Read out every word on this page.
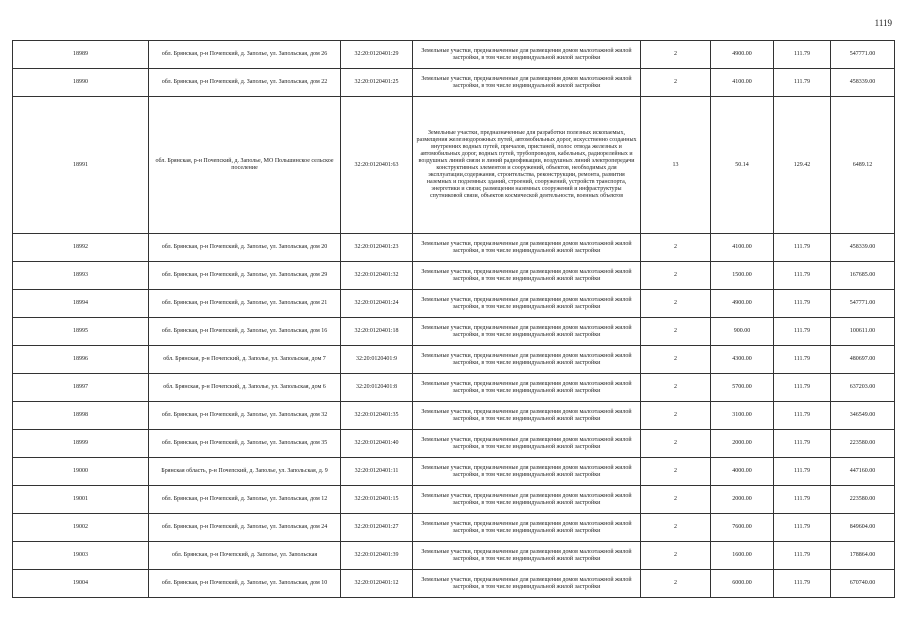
1119
18989	обл. Брянская, р-н Почепский, д. Заполье, ул. Запольская, дом 26	32:20:0120401:29	Земельные участки, предназначенные для размещения домов малоэтажной жилой застройки, в том числе индивидуальной жилой застройки	2	4900.00	111.79	547771.00
18990	обл. Брянская, р-н Почепский, д. Заполье, ул. Запольская, дом 22	32:20:0120401:25	Земельные участки, предназначенные для размещения домов малоэтажной жилой застройки, в том числе индивидуальной жилой застройки	2	4100.00	111.79	458339.00
18991	обл. Брянская, р-н Почепский, д. Заполье, МО Польшинское сельское поселение	32:20:0120401:63	Земельные участки, предназначенные для разработки полезных ископаемых, размещения железнодорожных путей, автомобильных дорог, искусственно созданных внутренних водных путей, причалов, пристаней, полос отвода железных и автомобильных дорог, водных путей, трубопроводов, кабельных, радиорелейных и воздушных линий связи и линий радиофикации, воздушных линий электропередачи конструктивных элементов и сооружений, объектов, необходимых для эксплуатации,содержания, строительства, реконструкции, ремонта, развития наземных и подземных зданий, строений, сооружений, устройств транспорта, энергетики и связи; размещения наземных сооружений и инфраструктуры спутниковой связи, объектов космической деятельности, военных объектов	13	50.14	129.42	6489.12
18992	обл. Брянская, р-н Почепский, д. Заполье, ул. Запольская, дом 20	32:20:0120401:23	Земельные участки, предназначенные для размещения домов малоэтажной жилой застройки, в том числе индивидуальной жилой застройки	2	4100.00	111.79	458339.00
18993	обл. Брянская, р-н Почепский, д. Заполье, ул. Запольская, дом 29	32:20:0120401:32	Земельные участки, предназначенные для размещения домов малоэтажной жилой застройки, в том числе индивидуальной жилой застройки	2	1500.00	111.79	167685.00
18994	обл. Брянская, р-н Почепский, д. Заполье, ул. Запольская, дом 21	32:20:0120401:24	Земельные участки, предназначенные для размещения домов малоэтажной жилой застройки, в том числе индивидуальной жилой застройки	2	4900.00	111.79	547771.00
18995	обл. Брянская, р-н Почепский, д. Заполье, ул. Запольская, дом 16	32:20:0120401:18	Земельные участки, предназначенные для размещения домов малоэтажной жилой застройки, в том числе индивидуальной жилой застройки	2	900.00	111.79	100611.00
18996	обл. Брянская, р-н Почепский, д. Заполье, ул. Запольская, дом 7	32:20:0120401:9	Земельные участки, предназначенные для размещения домов малоэтажной жилой застройки, в том числе индивидуальной жилой застройки	2	4300.00	111.79	480697.00
18997	обл. Брянская, р-н Почепский, д. Заполье, ул. Запольская, дом 6	32:20:0120401:8	Земельные участки, предназначенные для размещения домов малоэтажной жилой застройки, в том числе индивидуальной жилой застройки	2	5700.00	111.79	637203.00
18998	обл. Брянская, р-н Почепский, д. Заполье, ул. Запольская, дом 32	32:20:0120401:35	Земельные участки, предназначенные для размещения домов малоэтажной жилой застройки, в том числе индивидуальной жилой застройки	2	3100.00	111.79	346549.00
18999	обл. Брянская, р-н Почепский, д. Заполье, ул. Запольская, дом 35	32:20:0120401:40	Земельные участки, предназначенные для размещения домов малоэтажной жилой застройки, в том числе индивидуальной жилой застройки	2	2000.00	111.79	223580.00
19000	Брянская область, р-н Почепский, д. Заполье, ул. Запольская, д. 9	32:20:0120401:11	Земельные участки, предназначенные для размещения домов малоэтажной жилой застройки, в том числе индивидуальной жилой застройки	2	4000.00	111.79	447160.00
19001	обл. Брянская, р-н Почепский, д. Заполье, ул. Запольская, дом 12	32:20:0120401:15	Земельные участки, предназначенные для размещения домов малоэтажной жилой застройки, в том числе индивидуальной жилой застройки	2	2000.00	111.79	223580.00
19002	обл. Брянская, р-н Почепский, д. Заполье, ул. Запольская, дом 24	32:20:0120401:27	Земельные участки, предназначенные для размещения домов малоэтажной жилой застройки, в том числе индивидуальной жилой застройки	2	7600.00	111.79	849604.00
19003	обл. Брянская, р-н Почепский, д. Заполье, ул. Запольская	32:20:0120401:39	Земельные участки, предназначенные для размещения домов малоэтажной жилой застройки, в том числе индивидуальной жилой застройки	2	1600.00	111.79	178864.00
19004	обл. Брянская, р-н Почепский, д. Заполье, ул. Запольская, дом 10	32:20:0120401:12	Земельные участки, предназначенные для размещения домов малоэтажной жилой застройки, в том числе индивидуальной жилой застройки	2	6000.00	111.79	670740.00
